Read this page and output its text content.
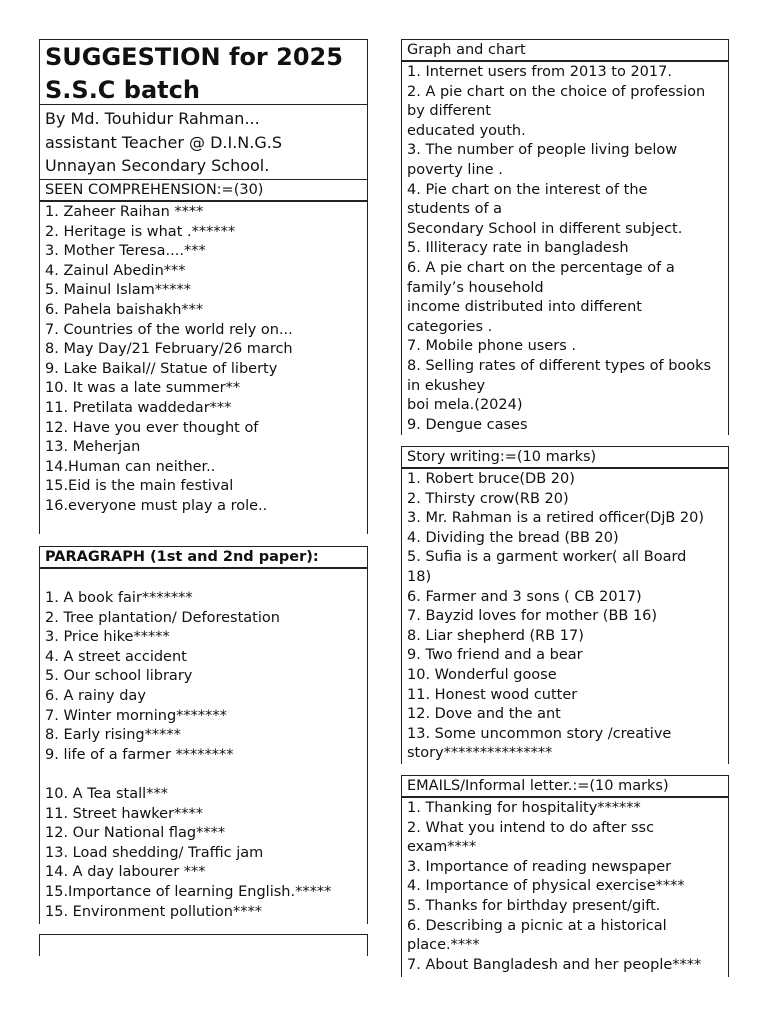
SUGGESTION for 2025
S.S.C batch
By Md. Touhidur Rahman...
assistant Teacher @ D.I.N.G.S
Unnayan Secondary School.
SEEN COMPREHENSION:=(30)
1. Zaheer Raihan ****
2. Heritage is what .******
3. Mother Teresa....***
4. Zainul Abedin***
5. Mainul Islam*****
6. Pahela baishakh***
7. Countries of the world rely on...
8. May Day/21 February/26 march
9. Lake Baikal// Statue of liberty
10. It was a late summer**
11. Pretilata waddedar***
12. Have you ever thought of
13. Meherjan
14.Human can neither..
15.Eid is the main festival
16.everyone must play a role..
PARAGRAPH (1st and 2nd paper):
1. A book fair*******
2. Tree plantation/ Deforestation
3. Price hike*****
4. A street accident
5. Our school library
6. A rainy day
7. Winter morning*******
8. Early rising*****
9. life of a farmer ********
10. A Tea stall***
11. Street hawker****
12. Our National flag****
13. Load shedding/ Traffic jam
14. A day labourer ***
15.Importance of learning English.*****
15. Environment pollution****
Graph and chart
1. Internet users from 2013 to 2017.
2. A pie chart on the choice of profession
by different
educated youth.
3. The number of people living below
poverty line .
4. Pie chart on the interest of the
students of a
Secondary School in different subject.
5. Illiteracy rate in bangladesh
6. A pie chart on the percentage of a
family’s household
income distributed into different
categories .
7. Mobile phone users .
8. Selling rates of different types of books
in ekushey
boi mela.(2024)
9. Dengue cases
Story writing:=(10 marks)
1. Robert bruce(DB 20)
2. Thirsty crow(RB 20)
3. Mr. Rahman is a retired officer(DjB 20)
4. Dividing the bread (BB 20)
5. Sufia is a garment worker( all Board
18)
6. Farmer and 3 sons ( CB 2017)
7. Bayzid loves for mother (BB 16)
8. Liar shepherd (RB 17)
9. Two friend and a bear
10. Wonderful goose
11. Honest wood cutter
12. Dove and the ant
13. Some uncommon story /creative
story***************
EMAILS/Informal letter.:=(10 marks)
1. Thanking for hospitality******
2. What you intend to do after ssc
exam****
3. Importance of reading newspaper
4. Importance of physical exercise****
5. Thanks for birthday present/gift.
6. Describing a picnic at a historical
place.****
7. About Bangladesh and her people****
